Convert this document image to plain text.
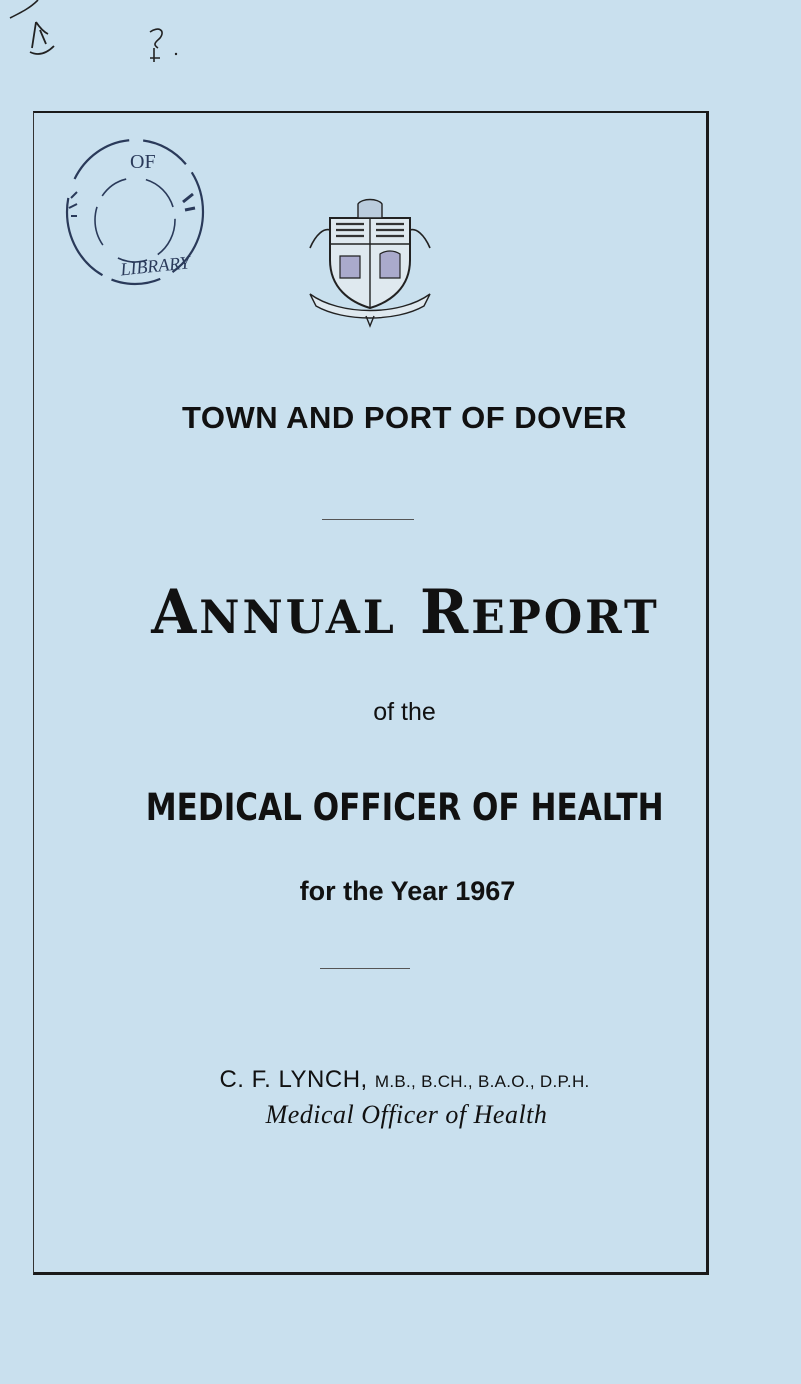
OF
LIBRARY
TOWN AND PORT OF DOVER
ANNUAL REPORT
of the
MEDICAL OFFICER OF HEALTH
for the Year 1967
C. F. LYNCH, M.B., B.CH., B.A.O., D.P.H.
Medical Officer of Health
